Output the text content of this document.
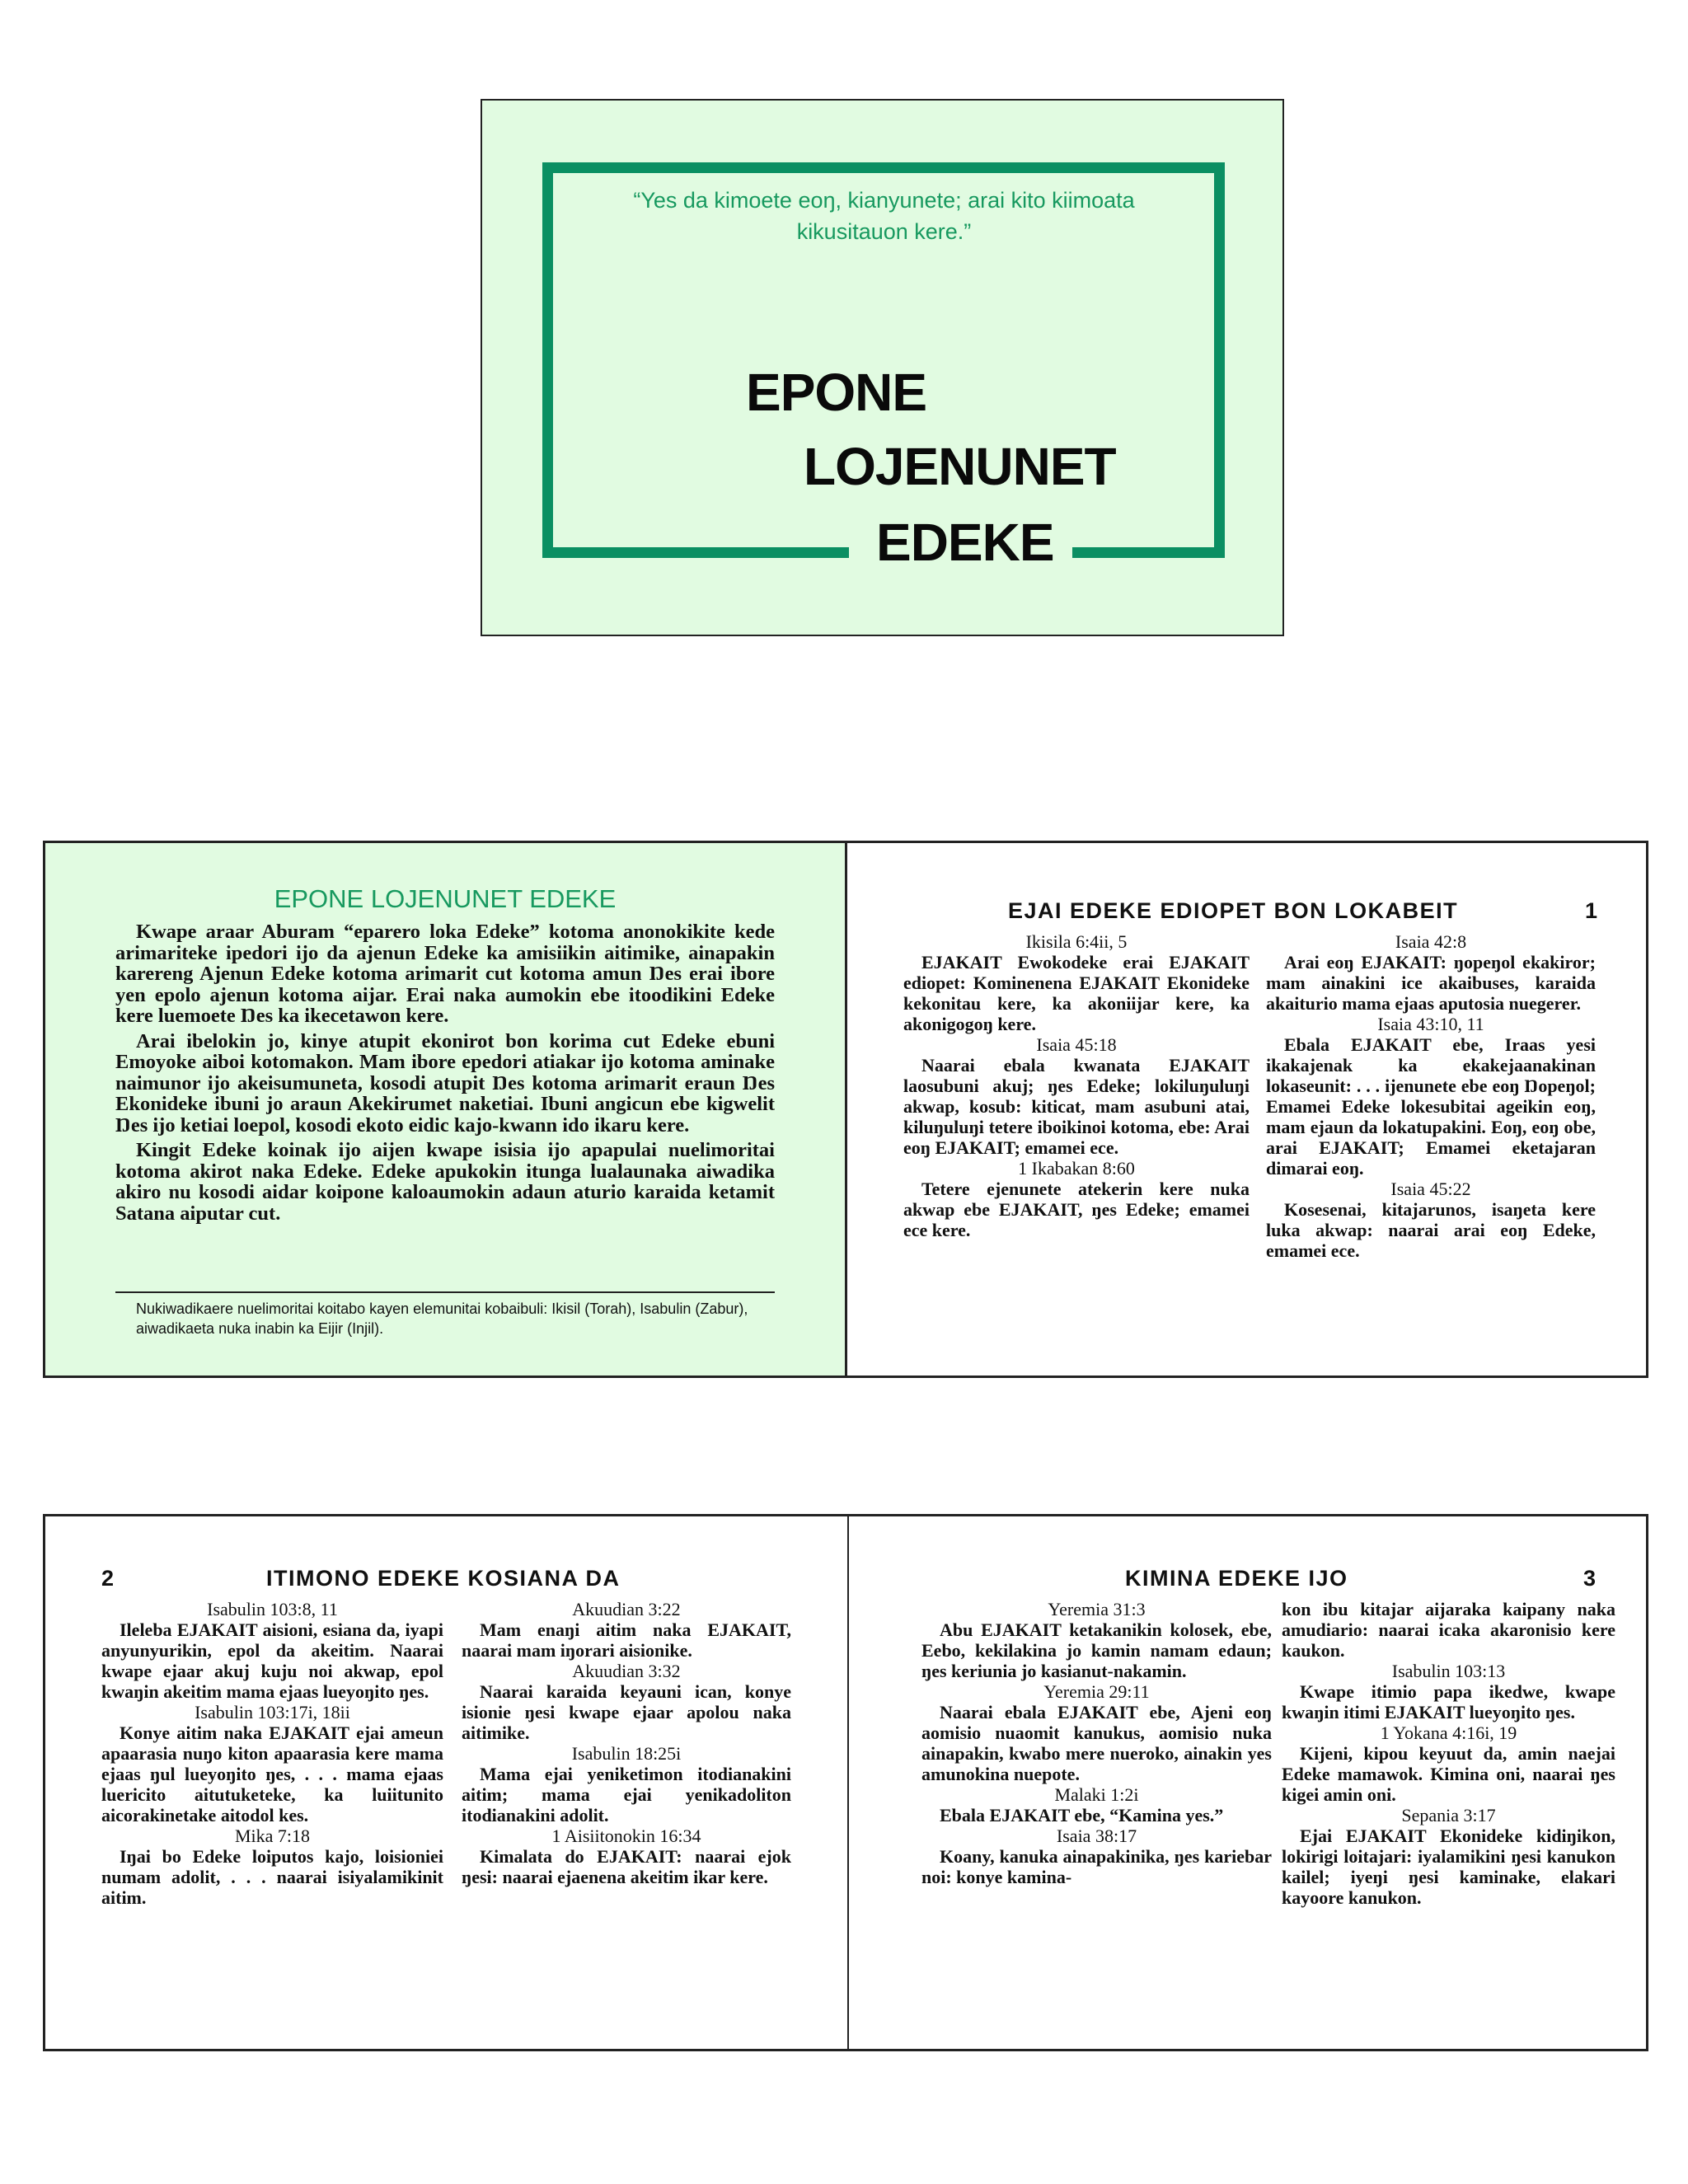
“Yes da kimoete eoŋ, kianyunete; arai kito kiimoata kikusitauon kere.”
EPONE
LOJENUNET
EDEKE
EPONE LOJENUNET EDEKE

Kwape araar Aburam “eparero loka Edeke” kotoma anonokikite kede arimariteke ipedori ijo da ajenun Edeke ka amisiikin aitimike, ainapakin karereng Ajenun Edeke kotoma arimarit cut kotoma amun Ŋes erai ibore yen epolo ajenun kotoma aijar. Erai naka aumokin ebe itoodikini Edeke kere luemoete Ŋes ka ikecetawon kere.

Arai ibelokin jo, kinye atupit ekonirot bon korima cut Edeke ebuni Emoyoke aiboi kotomakon. Mam ibore epedori atiakar ijo kotoma aminake naimunor ijo akeisumuneta, kosodi atupit Ŋes kotoma arimarit eraun Ŋes Ekonideke ibuni jo araun Akekirumet naketiai. Ibuni angicun ebe kigwelit Ŋes ijo ketiai loepol, kosodi ekoto eidic kajo-kwann ido ikaru kere.

Kingit Edeke koinak ijo aijen kwape isisia ijo apapulai nuelimoritai kotoma akirot naka Edeke. Edeke apukokin itunga lualaunaka aiwadika akiro nu kosodi aidar koipone kaloaumokin adaun aturio karaida ketamit Satana aiputar cut.

Nukiwadikaere nuelimoritai koitabo kayen elemunitai kobaibuli: Ikisil (Torah), Isabulin (Zabur), aiwadikaeta nuka inabin ka Eijir (Injil).
EJAI EDEKE EDIOPET BON LOKABEIT	1
Ikisila 6:4ii, 5
EJAKAIT Ewokodeke erai EJAKAIT ediopet: Kominenena EJAKAIT Ekonideke kekonitau kere, ka akoniijar kere, ka akonigogoŋ kere.
Isaia 45:18
Naarai ebala kwanata EJAKAIT laosubuni akuj; ŋes Edeke; lokiluŋuluŋi akwap, kosub: kiticat, mam asubuni atai, kiluŋuluŋi tetere iboikinoi kotoma, ebe: Arai eoŋ EJAKAIT; emamei ece.
1 Ikabakan 8:60
Tetere ejenunete atekerin kere nuka akwap ebe EJAKAIT, ŋes Edeke; emamei ece kere.
Isaia 42:8
Arai eoŋ EJAKAIT: ŋopeŋol ekakiror; mam ainakini ice akaibuses, karaida akaiturio mama ejaas aputosia nuegerer.
Isaia 43:10, 11
Ebala EJAKAIT ebe, Iraas yesi ikakajenak ka ekakejaanakinan lokaseunit: . . . ijenunete ebe eoŋ Ŋopeŋol; Emamei Edeke lokesubitai ageikin eoŋ, mam ejaun da lokatupakini. Eoŋ, eoŋ obe, arai EJAKAIT; Emamei eketajaran dimarai eoŋ.
Isaia 45:22
Kosesenai, kitajarunos, isaŋeta kere luka akwap: naarai arai eoŋ Edeke, emamei ece.
2	ITIMONO EDEKE KOSIANA DA
Isabulin 103:8, 11
Ileleba EJAKAIT aisioni, esiana da, iyapi anyunyurikin, epol da akeitim. Naarai kwape ejaar akuj kuju noi akwap, epol kwaŋin akeitim mama ejaas lueyoŋito ŋes.
Isabulin 103:17i, 18ii
Konye aitim naka EJAKAIT ejai ameun apaarasia nuŋo kiton apaarasia kere mama ejaas ŋul lueyoŋito ŋes, . . . mama ejaas luericito aitutuketeke, ka luiitunito aicorakinetake aitodol kes.
Mika 7:18
Iŋai bo Edeke loiputos kajo, loisioniei numam adolit, . . . naarai isiyalamikinit aitim.
Akuudian 3:22
Mam enaŋi aitim naka EJAKAIT, naarai mam iŋorari aisionike.
Akuudian 3:32
Naarai karaida keyauni ican, konye isionie ŋesi kwape ejaar apolou naka aitimike.
Isabulin 18:25i
Mama ejai yeniketimon itodianakini aitim; mama ejai yenikadoliton itodianakini adolit.
1 Aisiitonokin 16:34
Kimalata do EJAKAIT: naarai ejok ŋesi: naarai ejaenena akeitim ikar kere.
KIMINA EDEKE IJO	3
Yeremia 31:3
Abu EJAKAIT ketakanikin kolosek, ebe, Eebo, kekilakina jo kamin namam edaun; ŋes keriunia jo kasianut-nakamin.
Yeremia 29:11
Naarai ebala EJAKAIT ebe, Ajeni eoŋ aomisio nuaomit kanukus, aomisio nuka ainapakin, kwabo mere nueroko, ainakin yes amunokina nuepote.
Malaki 1:2i
Ebala EJAKAIT ebe, “Kamina yes.”
Isaia 38:17
Koany, kanuka ainapakinika, ŋes kariebar noi: konye kamina-
kon ibu kitajar aijaraka kaipany naka amudiario: naarai icaka akaronisio kere kaukon.
Isabulin 103:13
Kwape itimio papa ikedwe, kwape kwaŋin itimi EJAKAIT lueyoŋito ŋes.
1 Yokana 4:16i, 19
Kijeni, kipou keyuut da, amin naejai Edeke mamawok. Kimina oni, naarai ŋes kigei amin oni.
Sepania 3:17
Ejai EJAKAIT Ekonideke kidiŋikon, lokirigi loitajari: iyalamikini ŋesi kanukon kailel; iyeŋi ŋesi kaminake, elakari kayoore kanukon.
